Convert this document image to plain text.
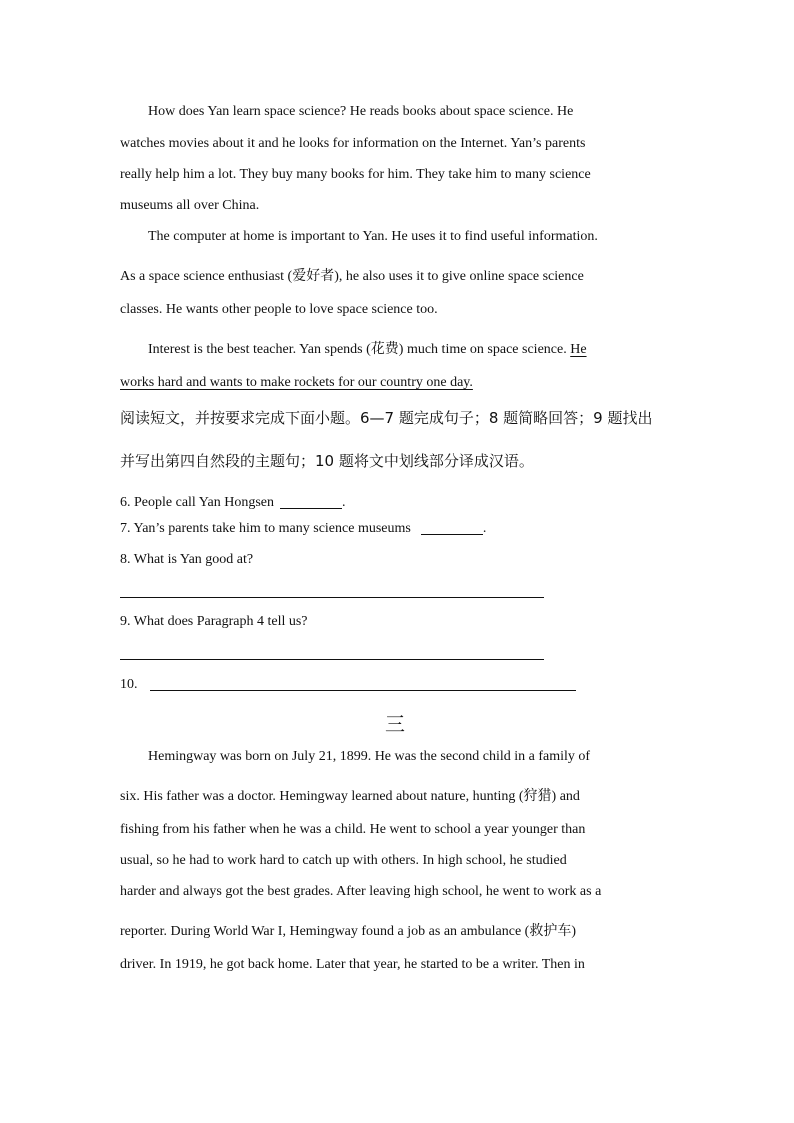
How does Yan learn space science? He reads books about space science. He
watches movies about it and he looks for information on the Internet. Yan’s parents
really help him a lot. They buy many books for him. They take him to many science
museums all over China.
The computer at home is important to Yan. He uses it to find useful information.
As a space science enthusiast (爱好者), he also uses it to give online space science
classes. He wants other people to love space science too.
Interest is the best teacher. Yan spends (花费) much time on space science. He
works hard and wants to make rockets for our country one day.
阅读短文，并按要求完成下面小题。6—7 题完成句子；8 题简略回答；9 题找出
并写出第四自然段的主题句；10 题将文中划线部分译成汉语。
6. People call Yan Hongsen	.
7. Yan’s parents take him to many science museums	.
8. What is Yan good at?
9. What does Paragraph 4 tell us?
10.
三
Hemingway was born on July 21, 1899. He was the second child in a family of
six. His father was a doctor. Hemingway learned about nature, hunting (狩猎) and
fishing from his father when he was a child. He went to school a year younger than
usual, so he had to work hard to catch up with others. In high school, he studied
harder and always got the best grades. After leaving high school, he went to work as a
reporter. During World War I, Hemingway found a job as an ambulance (救护车)
driver. In 1919, he got back home. Later that year, he started to be a writer. Then in
